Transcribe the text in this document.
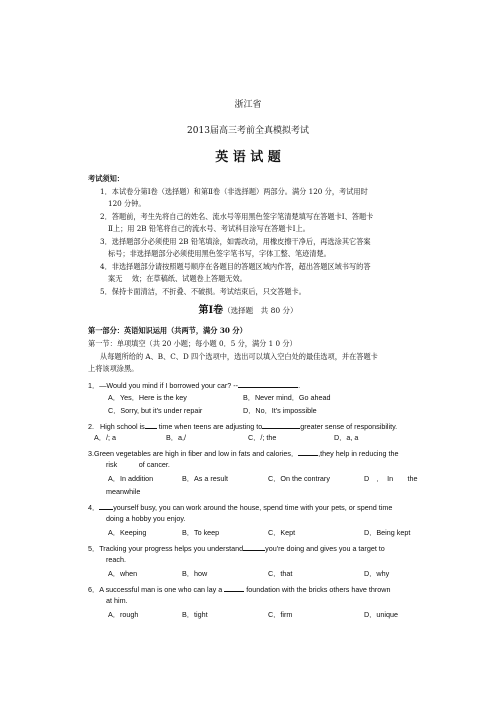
浙江省
2013届高三考前全真模拟考试
英 语 试 题
考试须知：
1．本试卷分第Ⅰ卷（选择题）和第Ⅱ卷（非选择题）两部分。满分 120 分，考试用时
120 分钟。
2．答题前，考生先将自己的姓名、流水号等用黑色签字笔清楚填写在答题卡Ⅰ、答题卡
Ⅱ上；用 2B 铅笔将自己的流水号、考试科目涂写在答题卡Ⅰ上。
3．选择题部分必须使用 2B 铅笔填涂，如需改动，用橡皮擦干净后，再选涂其它答案
标号；非选择题部分必须使用黑色签字笔书写，字体工整、笔迹清楚。
4．非选择题部分请按照题号顺序在各题目的答题区域内作答，超出答题区域书写的答
案无　 效；在草稿纸、试题卷上答题无效。
5．保持卡面清洁，不折叠、不破损。考试结束后，只交答题卡。
第Ⅰ卷（选择题　共 80 分）
第一部分：英语知识运用（共两节，满分 30 分）
第一节：单项填空（共 20 小题；每小题 0．5 分，满分 1 0 分）
从每题所给的 A、B、C、D 四个选项中，选出可以填入空白处的最佳选项，并在答题卡
上将该项涂黑。
1．—Would you mind if I borrowed your car? --	.
A．Yes．Here is the key	B．Never mind．Go ahead
C．Sorry, but it's under repair	D．No．It's impossible
2. High school is time when teens are adjusting to	greater sense of responsibility.
A．/; a	B．a,/	C．/; the	D．a, a
3.Green vegetables are high in fiber and low in fats and calories．	,they help in reducing the
risk　　　of cancer.
A．In addition	B．As a result	C．On the contrary	D　．　In　　the
meanwhile
4． yourself busy, you can work around the house, spend time with your pets, or spend time
doing a hobby you enjoy.
A．Keeping	B．To keep	C．Kept	D．Being kept
5．Tracking your progress helps you understand	you're doing and gives you a target to
reach.
A．when	B．how	C．that	D．why
6．A successful man is one who can lay a	foundation with the bricks others have thrown
at him.
A．rough	B．tight	C．firm	D．unique
